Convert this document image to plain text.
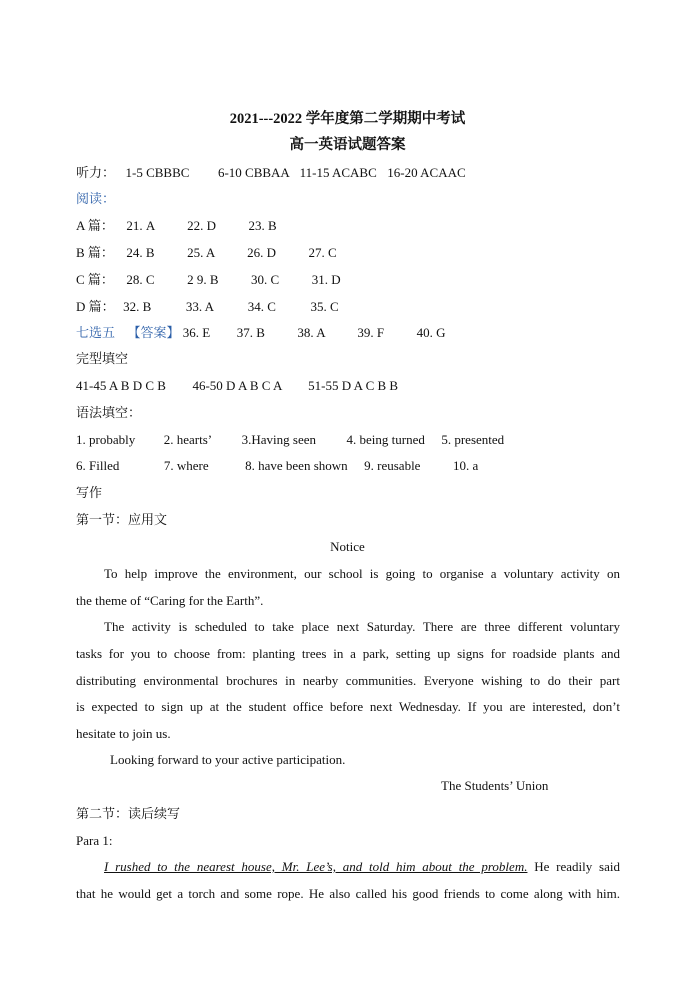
2021---2022 学年度第二学期期中考试
高一英语试题答案
听力： 1-5 CBBBC 6-10 CBBAA 11-15 ACABC 16-20 ACAAC
阅读：
A 篇： 21. A	22. D	23. B
B 篇： 24. B	25. A	26. D	27. C
C 篇： 28. C	2 9. B	30. C	31. D
D 篇： 32. B	33. A	34. C	35. C
七选五 【答案】 36. E 37. B	38. A	39. F	40. G
完型填空
41-45 A B D C B 46-50 D A B C A 51-55 D A C B B
语法填空：
1. probably 2. hearts’ 3.Having seen 4. being turned 5. presented
6. Filled	7. where	8. have been shown 9. reusable	10. a
写作
第一节：应用文
Notice
To help improve the environment, our school is going to organise a voluntary activity on
the theme of “Caring for the Earth”.
The activity is scheduled to take place next Saturday. There are three different voluntary
tasks for you to choose from: planting trees in a park, setting up signs for roadside plants and
distributing environmental brochures in nearby communities. Everyone wishing to do their part
is expected to sign up at the student office before next Wednesday. If you are interested, don’t
hesitate to join us.
Looking forward to your active participation.
The Students’ Union
第二节：读后续写
Para 1:
I rushed to the nearest house, Mr. Lee’s, and told him about the problem. He readily said
that he would get a torch and some rope. He also called his good friends to come along with him.
